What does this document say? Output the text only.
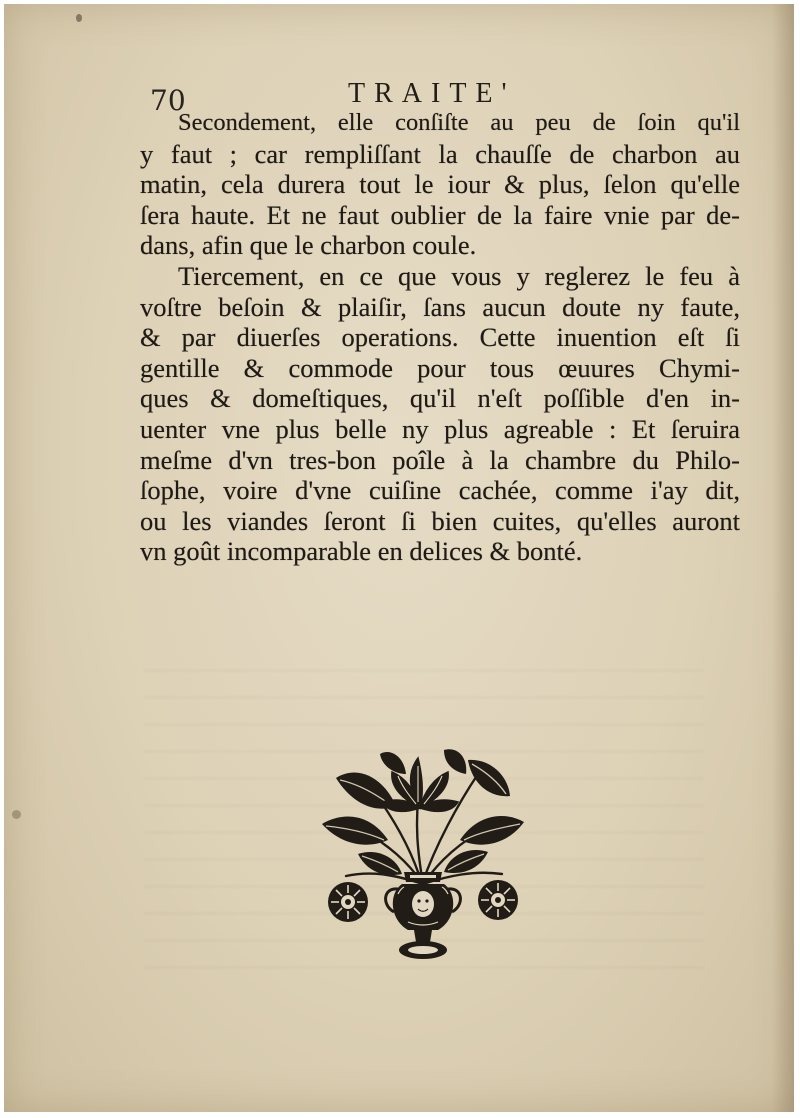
70	TRAITE'
Secondement, elle conſiſte au peu de ſoin qu'il
y faut ; car rempliſſant la chauſſe de charbon au
matin, cela durera tout le iour & plus, ſelon qu'elle
ſera haute. Et ne faut oublier de la faire vnie par de-
dans, afin que le charbon coule.
Tiercement, en ce que vous y reglerez le feu à
voſtre beſoin & plaiſir, ſans aucun doute ny faute,
& par diuerſes operations. Cette inuention eſt ſi
gentille & commode pour tous œuures Chymi-
ques & domeſtiques, qu'il n'eſt poſſible d'en in-
uenter vne plus belle ny plus agreable : Et ſeruira
meſme d'vn tres-bon poîle à la chambre du Philo-
ſophe, voire d'vne cuiſine cachée, comme i'ay dit,
ou les viandes ſeront ſi bien cuites, qu'elles auront
vn goût incomparable en delices & bonté.
